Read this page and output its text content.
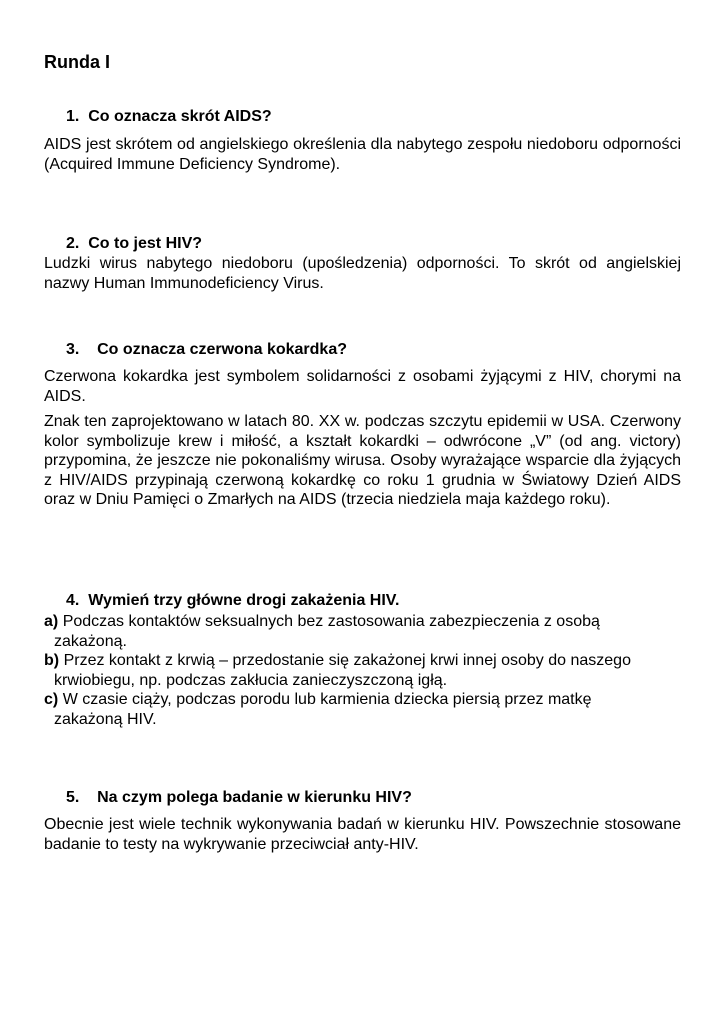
Runda I
1. Co oznacza skrót AIDS?

AIDS jest skrótem od angielskiego określenia dla nabytego zespołu niedoboru odporności (Acquired Immune Deficiency Syndrome).

2. Co to jest HIV?

Ludzki wirus nabytego niedoboru (upośledzenia) odporności. To skrót od angielskiej nazwy Human Immunodeficiency Virus.

3. Co oznacza czerwona kokardka?

Czerwona kokardka jest symbolem solidarności z osobami żyjącymi z HIV, chorymi na AIDS.

Znak ten zaprojektowano w latach 80. XX w. podczas szczytu epidemii w USA. Czerwony kolor symbolizuje krew i miłość, a kształt kokardki – odwrócone „V” (od ang. victory) przypomina, że jeszcze nie pokonaliśmy wirusa. Osoby wyrażające wsparcie dla żyjących z HIV/AIDS przypinają czerwoną kokardkę co roku 1 grudnia w Światowy Dzień AIDS oraz w Dniu Pamięci o Zmarłych na AIDS (trzecia niedziela maja każdego roku).

4. Wymień trzy główne drogi zakażenia HIV.
a) Podczas kontaktów seksualnych bez zastosowania zabezpieczenia z osobą
zakażoną.
b) Przez kontakt z krwią – przedostanie się zakażonej krwi innej osoby do naszego
krwiobiegu, np. podczas zakłucia zanieczyszczoną igłą.
c) W czasie ciąży, podczas porodu lub karmienia dziecka piersią przez matkę
zakażoną HIV.
5. Na czym polega badanie w kierunku HIV?

Obecnie jest wiele technik wykonywania badań w kierunku HIV. Powszechnie stosowane badanie to testy na wykrywanie przeciwciał anty-HIV.
